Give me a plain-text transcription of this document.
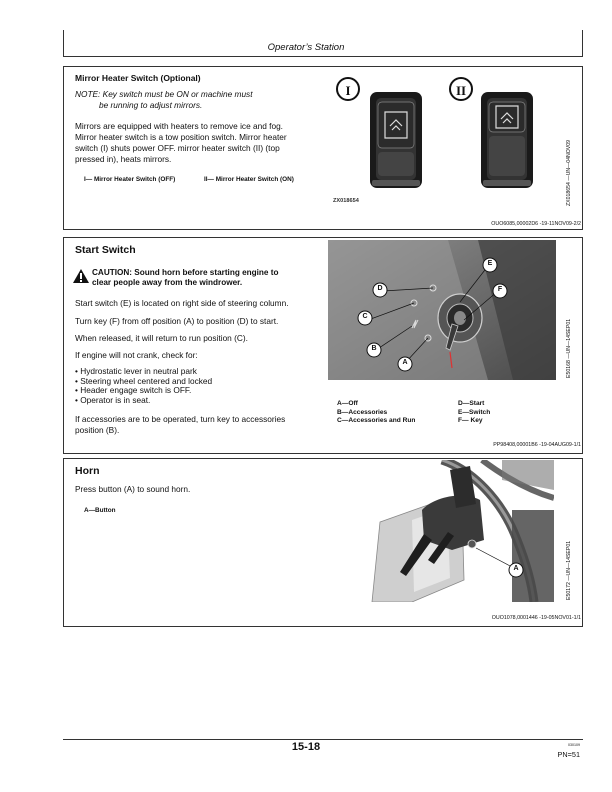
Operator’s Station
Mirror Heater Switch (Optional)
NOTE: Key switch must be ON or machine must
be running to adjust mirrors.
Mirrors are equipped with heaters to remove ice and fog.
Mirror heater switch is a tow position switch. Mirror heater
switch (I) shuts power OFF. mirror heater switch (II) (top
pressed in), heats mirrors.
I— Mirror Heater Switch (OFF)	II— Mirror Heater Switch (ON)
I	II
ZX018654	ZX018654 —UN—04NOV09
OUO6085,00002D6 -19-11NOV09-2/2
Start Switch
CAUTION: Sound horn before starting engine to
clear people away from the windrower.
Start switch (E) is located on right side of steering column.
Turn key (F) from off position (A) to position (D) to start.
When released, it will return to run position (C).
If engine will not crank, check for:
• Hydrostatic lever in neutral park
• Steering wheel centered and locked
• Header engage switch is OFF.
• Operator is in seat.
If accessories are to be operated, turn key to accessories
position (B).
D
C
B
A
E
F
E50168 —UN—14SEP01
A—Off
B—Accessories
C—Accessories and Run
D—Start
E—Switch
F— Key
PP98408,00001B6 -19-04AUG09-1/1
Horn
Press button (A) to sound horn.
A—Button
A	E50172 —UN—14SEP01
OUO1078,0001446 -19-05NOV01-1/1
15-18	030109
PN=51
